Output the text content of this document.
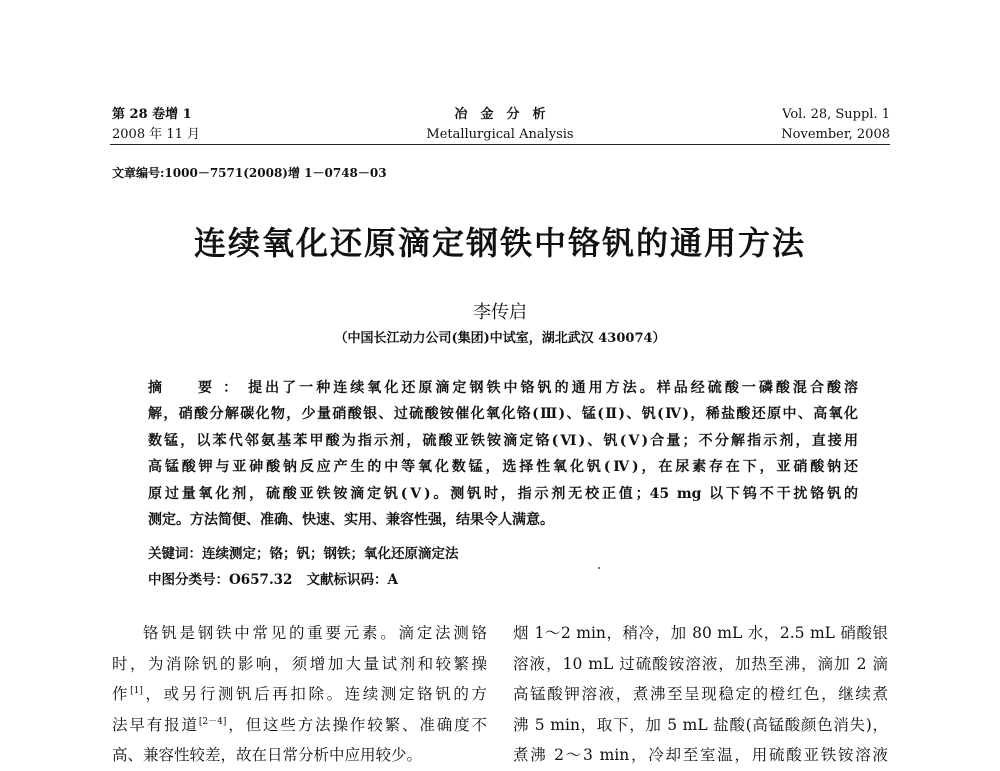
第 28 卷增 1
2008 年 11 月
冶　金　分　析
Metallurgical Analysis
Vol. 28, Suppl. 1
November, 2008
文章编号:1000－7571(2008)增 1－0748－03
连续氧化还原滴定钢铁中铬钒的通用方法
李传启
（中国长江动力公司(集团)中试室，湖北武汉 430074）
摘　要：提出了一种连续氧化还原滴定钢铁中铬钒的通用方法。样品经硫酸一磷酸混合酸溶
解，硝酸分解碳化物，少量硝酸银、过硫酸铵催化氧化铬(Ⅲ)、锰(Ⅱ)、钒(Ⅳ)，稀盐酸还原中、高氧化
数锰，以苯代邻氨基苯甲酸为指示剂，硫酸亚铁铵滴定铬(Ⅵ)、钒(Ⅴ)合量；不分解指示剂，直接用
高锰酸钾与亚砷酸钠反应产生的中等氧化数锰，选择性氧化钒(Ⅳ)，在尿素存在下，亚硝酸钠还
原过量氧化剂，硫酸亚铁铵滴定钒(Ⅴ)。测钒时，指示剂无校正值；45 mg 以下钨不干扰铬钒的
测定。方法简便、准确、快速、实用、兼容性强，结果令人满意。
关键词：连续测定；铬；钒；钢铁；氧化还原滴定法
中图分类号：O657.32 文献标识码：A
铬钒是钢铁中常见的重要元素。滴定法测铬
时，为消除钒的影响，须增加大量试剂和较繁操
作[1]，或另行测钒后再扣除。连续测定铬钒的方
法早有报道[2－4]，但这些方法操作较繁、准确度不
高、兼容性较差，故在日常分析中应用较少。
烟 1～2 min，稍冷，加 80 mL 水，2.5 mL 硝酸银
溶液，10 mL 过硫酸铵溶液，加热至沸，滴加 2 滴
高锰酸钾溶液，煮沸至呈现稳定的橙红色，继续煮
沸 5 min，取下，加 5 mL 盐酸(高锰酸颜色消失)，
煮沸 2～3 min，冷却至室温，用硫酸亚铁铵溶液
